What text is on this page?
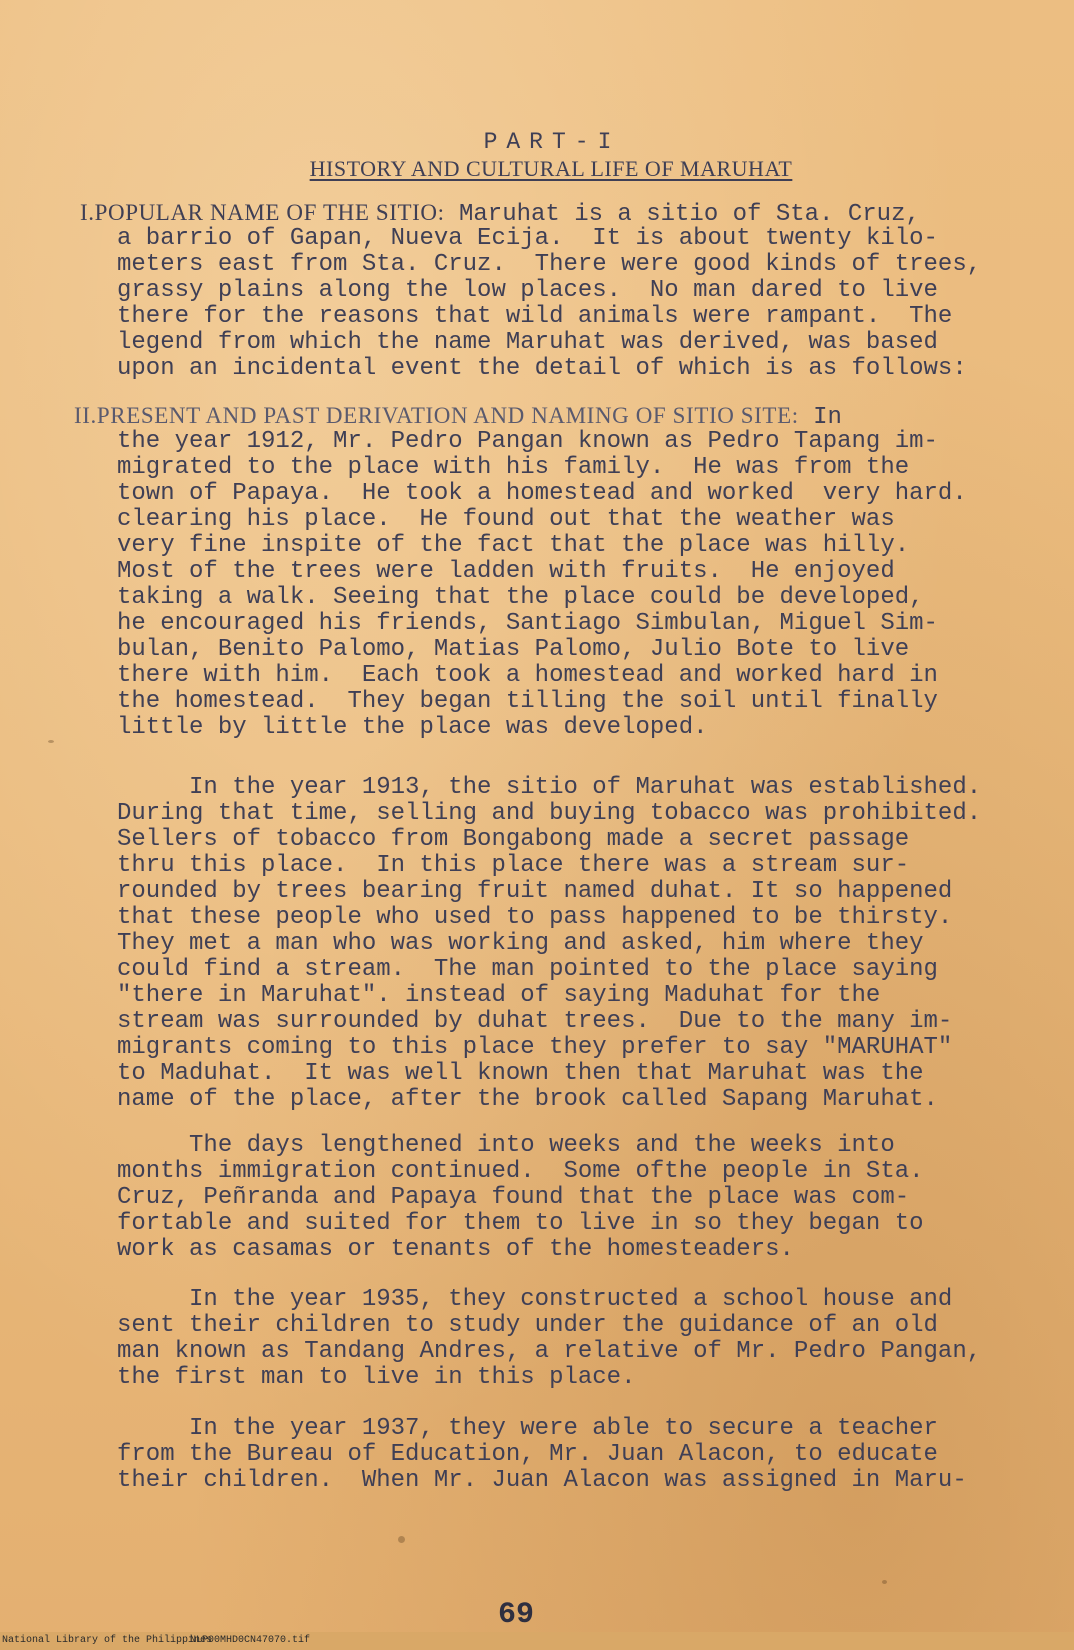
PART-I
HISTORY AND CULTURAL LIFE OF MARUHAT
I.POPULAR NAME OF THE SITIO: Maruhat is a sitio of Sta. Cruz,
a barrio of Gapan, Nueva Ecija.  It is about twenty kilo-
meters east from Sta. Cruz.  There were good kinds of trees,
grassy plains along the low places.  No man dared to live
there for the reasons that wild animals were rampant.  The
legend from which the name Maruhat was derived, was based
upon an incidental event the detail of which is as follows:
II.PRESENT AND PAST DERIVATION AND NAMING OF SITIO SITE: In
the year 1912, Mr. Pedro Pangan known as Pedro Tapang im-
migrated to the place with his family.  He was from the
town of Papaya.  He took a homestead and worked  very hard.
clearing his place.  He found out that the weather was
very fine inspite of the fact that the place was hilly.
Most of the trees were ladden with fruits.  He enjoyed
taking a walk. Seeing that the place could be developed,
he encouraged his friends, Santiago Simbulan, Miguel Sim-
bulan, Benito Palomo, Matias Palomo, Julio Bote to live
there with him.  Each took a homestead and worked hard in
the homestead.  They began tilling the soil until finally
little by little the place was developed.
In the year 1913, the sitio of Maruhat was established.
During that time, selling and buying tobacco was prohibited.
Sellers of tobacco from Bongabong made a secret passage
thru this place.  In this place there was a stream sur-
rounded by trees bearing fruit named duhat. It so happened
that these people who used to pass happened to be thirsty.
They met a man who was working and asked, him where they
could find a stream.  The man pointed to the place saying
"there in Maruhat". instead of saying Maduhat for the
stream was surrounded by duhat trees.  Due to the many im-
migrants coming to this place they prefer to say "MARUHAT"
to Maduhat.  It was well known then that Maruhat was the
name of the place, after the brook called Sapang Maruhat.
The days lengthened into weeks and the weeks into
months immigration continued.  Some ofthe people in Sta.
Cruz, Peñranda and Papaya found that the place was com-
fortable and suited for them to live in so they began to
work as casamas or tenants of the homesteaders.
In the year 1935, they constructed a school house and
sent their children to study under the guidance of an old
man known as Tandang Andres, a relative of Mr. Pedro Pangan,
the first man to live in this place.
In the year 1937, they were able to secure a teacher
from the Bureau of Education, Mr. Juan Alacon, to educate
their children.  When Mr. Juan Alacon was assigned in Maru-
69

National Library of the Philippines

NLP00MHD0CN47070.tif
